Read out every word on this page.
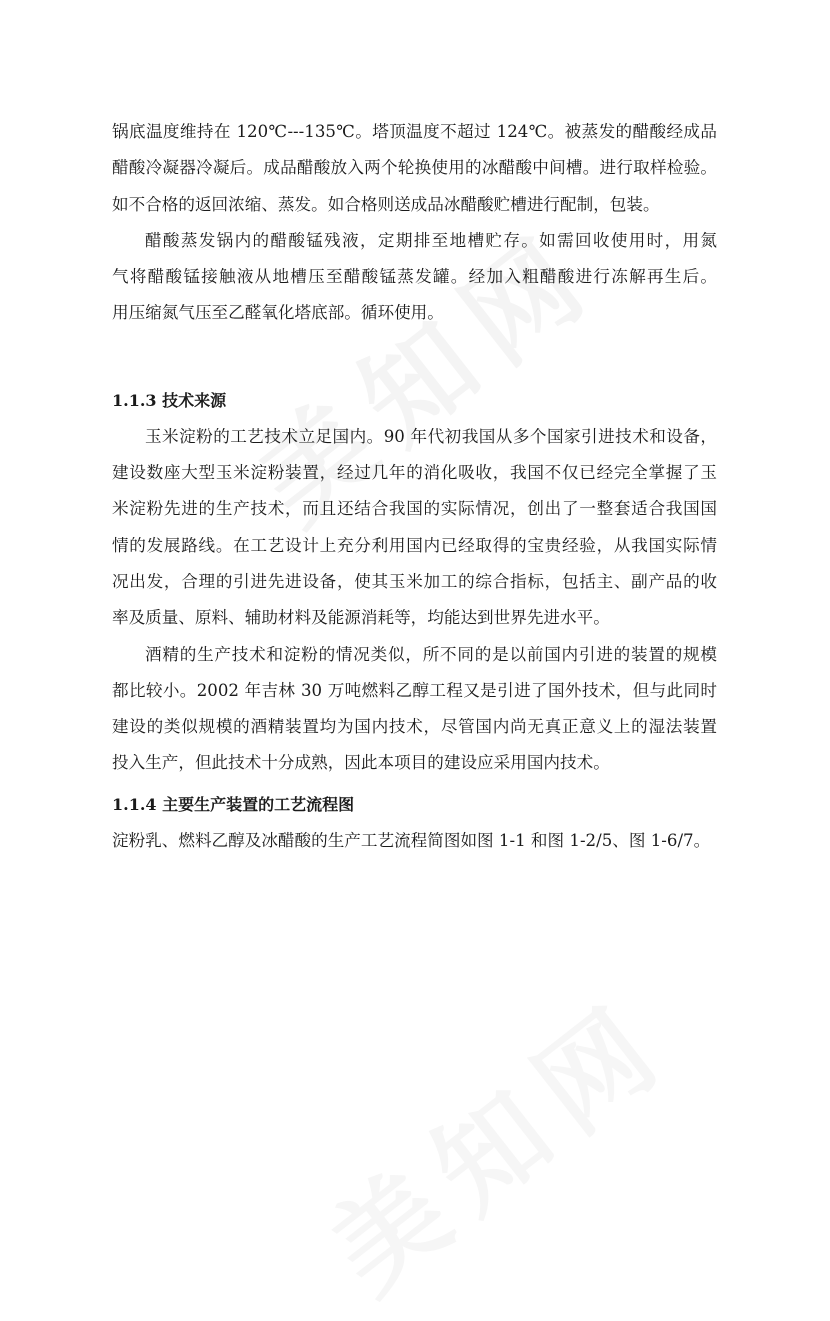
锅底温度维持在 120℃---135℃。塔顶温度不超过 124℃。被蒸发的醋酸经成品

醋酸冷凝器冷凝后。成品醋酸放入两个轮换使用的冰醋酸中间槽。进行取样检验。

如不合格的返回浓缩、蒸发。如合格则送成品冰醋酸贮槽进行配制，包装。

醋酸蒸发锅内的醋酸锰残液，定期排至地槽贮存。如需回收使用时，用氮

气将醋酸锰接触液从地槽压至醋酸锰蒸发罐。经加入粗醋酸进行冻解再生后。

用压缩氮气压至乙醛氧化塔底部。循环使用。

1.1.3 技术来源

玉米淀粉的工艺技术立足国内。90 年代初我国从多个国家引进技术和设备，

建设数座大型玉米淀粉装置，经过几年的消化吸收，我国不仅已经完全掌握了玉

米淀粉先进的生产技术，而且还结合我国的实际情况，创出了一整套适合我国国

情的发展路线。在工艺设计上充分利用国内已经取得的宝贵经验，从我国实际情

况出发，合理的引进先进设备，使其玉米加工的综合指标，包括主、副产品的收

率及质量、原料、辅助材料及能源消耗等，均能达到世界先进水平。

酒精的生产技术和淀粉的情况类似，所不同的是以前国内引进的装置的规模

都比较小。2002 年吉林 30 万吨燃料乙醇工程又是引进了国外技术，但与此同时

建设的类似规模的酒精装置均为国内技术，尽管国内尚无真正意义上的湿法装置

投入生产，但此技术十分成熟，因此本项目的建设应采用国内技术。

1.1.4 主要生产装置的工艺流程图

淀粉乳、燃料乙醇及冰醋酸的生产工艺流程简图如图 1-1 和图 1-2/5、图 1-6/7。
